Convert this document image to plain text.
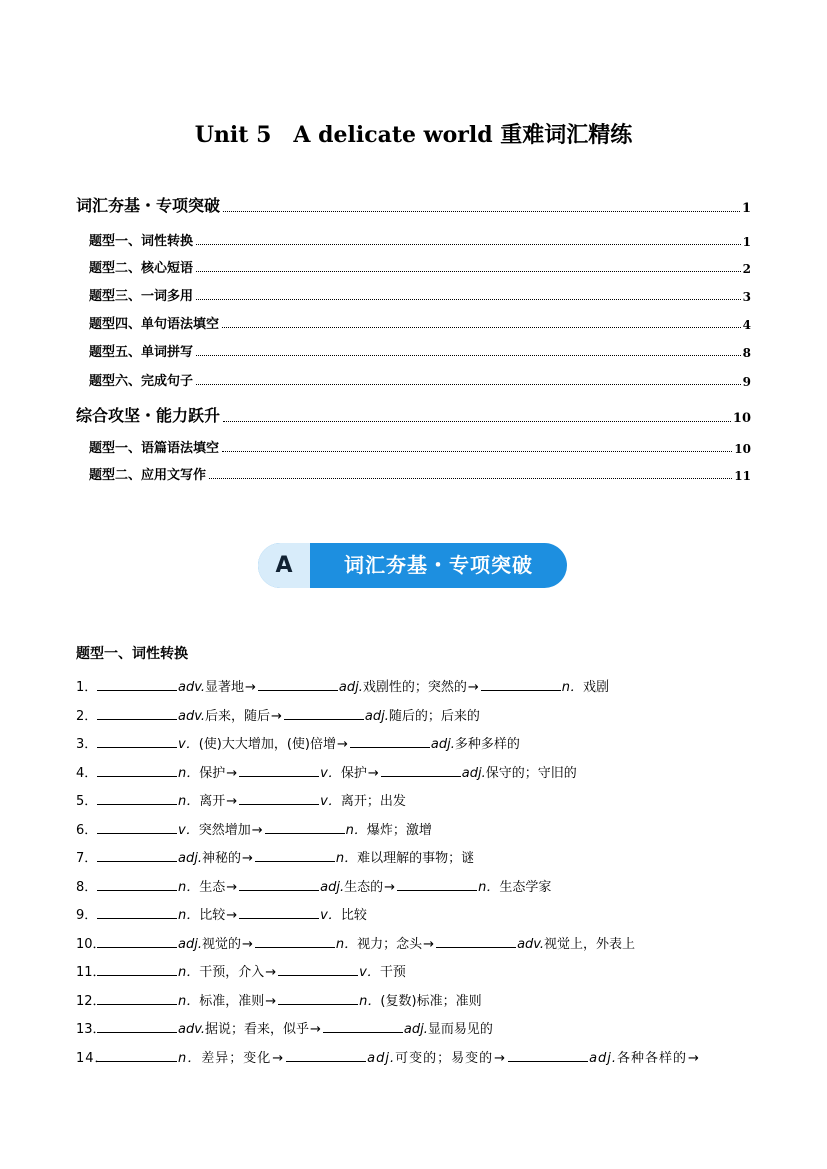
Unit 5　A delicate world 重难词汇精练
词汇夯基・专项突破	1
题型一、词性转换	1
题型二、核心短语	2
题型三、一词多用	3
题型四、单句语法填空	4
题型五、单词拼写	8
题型六、完成句子	9
综合攻坚・能力跃升	10
题型一、语篇语法填空	10
题型二、应用文写作	11
A	词汇夯基・专项突破
题型一、词性转换
1．	adv.显著地→	adj.戏剧性的；突然的→	n．戏剧
2．	adv.后来，随后→	adj.随后的；后来的
3．	v．(使)大大增加，(使)倍增→	adj.多种多样的
4．	n．保护→	v．保护→	adj.保守的；守旧的
5．	n．离开→	v．离开；出发
6．	v．突然增加→	n．爆炸；激增
7．	adj.神秘的→	n．难以理解的事物；谜
8．	n．生态→	adj.生态的→	n．生态学家
9．	n．比较→	v．比较
10．	adj.视觉的→	n．视力；念头→	adv.视觉上，外表上
11．	n．干预，介入→	v．干预
12．	n．标准，准则→	n．(复数)标准；准则
13．	adv.据说；看来，似乎→	adj.显而易见的
14．	n．差异；变化→	adj.可变的；易变的→	adj.各种各样的→
